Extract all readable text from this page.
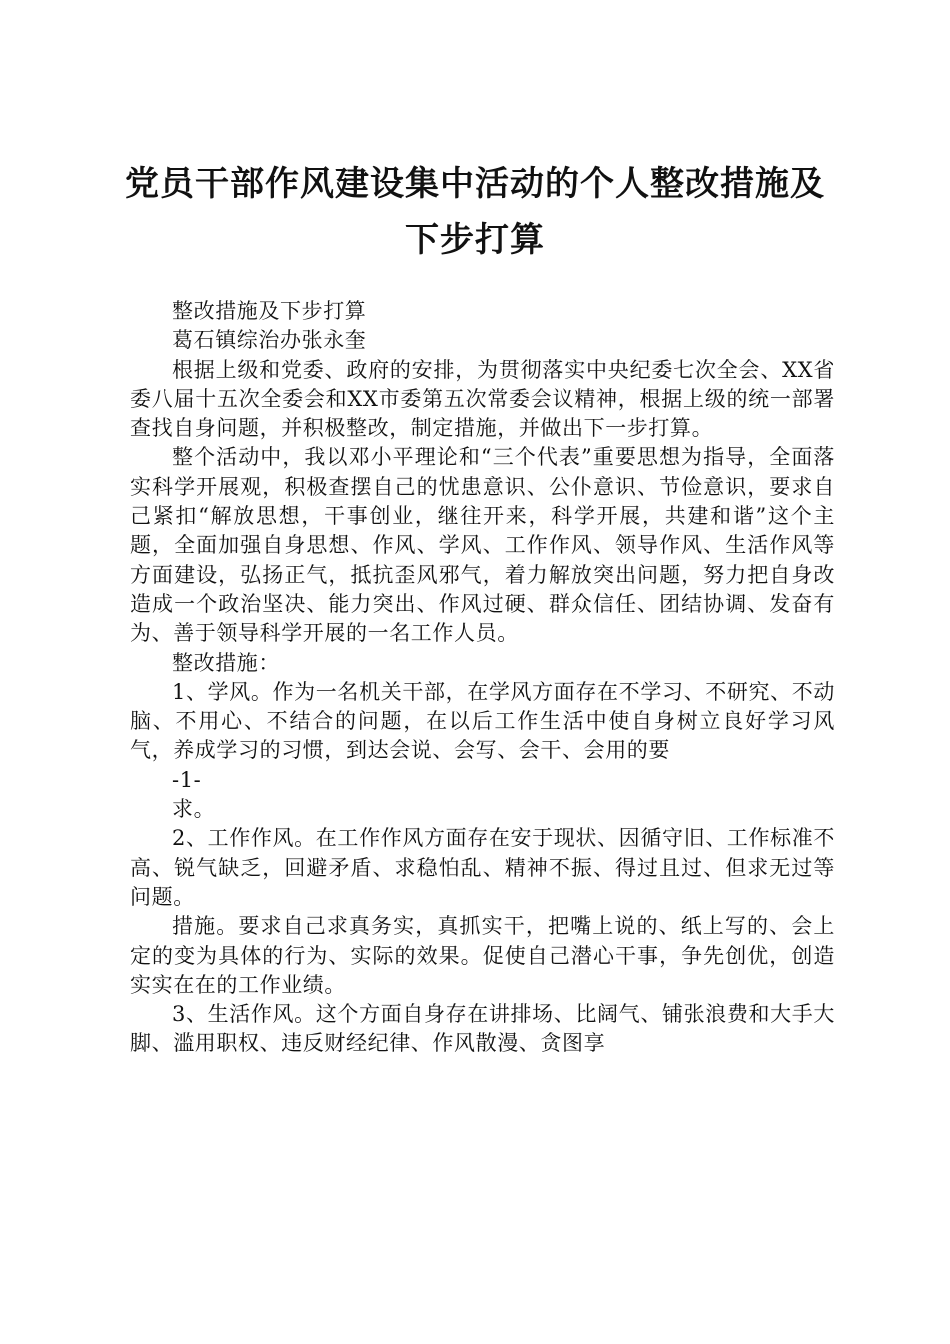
党员干部作风建设集中活动的个人整改措施及
下步打算

整改措施及下步打算

葛石镇综治办张永奎

根据上级和党委、政府的安排，为贯彻落实中央纪委七次全会、XX省委八届十五次全委会和XX市委第五次常委会议精神，根据上级的统一部署查找自身问题，并积极整改，制定措施，并做出下一步打算。

整个活动中，我以邓小平理论和“三个代表”重要思想为指导，全面落实科学开展观，积极查摆自己的忧患意识、公仆意识、节俭意识，要求自己紧扣“解放思想，干事创业，继往开来，科学开展，共建和谐”这个主题，全面加强自身思想、作风、学风、工作作风、领导作风、生活作风等方面建设，弘扬正气，抵抗歪风邪气，着力解放突出问题，努力把自身改造成一个政治坚决、能力突出、作风过硬、群众信任、团结协调、发奋有为、善于领导科学开展的一名工作人员。

整改措施：

1、学风。作为一名机关干部，在学风方面存在不学习、不研究、不动脑、不用心、不结合的问题，在以后工作生活中使自身树立良好学习风气，养成学习的习惯，到达会说、会写、会干、会用的要

-1-

求。

2、工作作风。在工作作风方面存在安于现状、因循守旧、工作标准不高、锐气缺乏，回避矛盾、求稳怕乱、精神不振、得过且过、但求无过等问题。

措施。要求自己求真务实，真抓实干，把嘴上说的、纸上写的、会上定的变为具体的行为、实际的效果。促使自己潜心干事，争先创优，创造实实在在的工作业绩。

3、生活作风。这个方面自身存在讲排场、比阔气、铺张浪费和大手大脚、滥用职权、违反财经纪律、作风散漫、贪图享
